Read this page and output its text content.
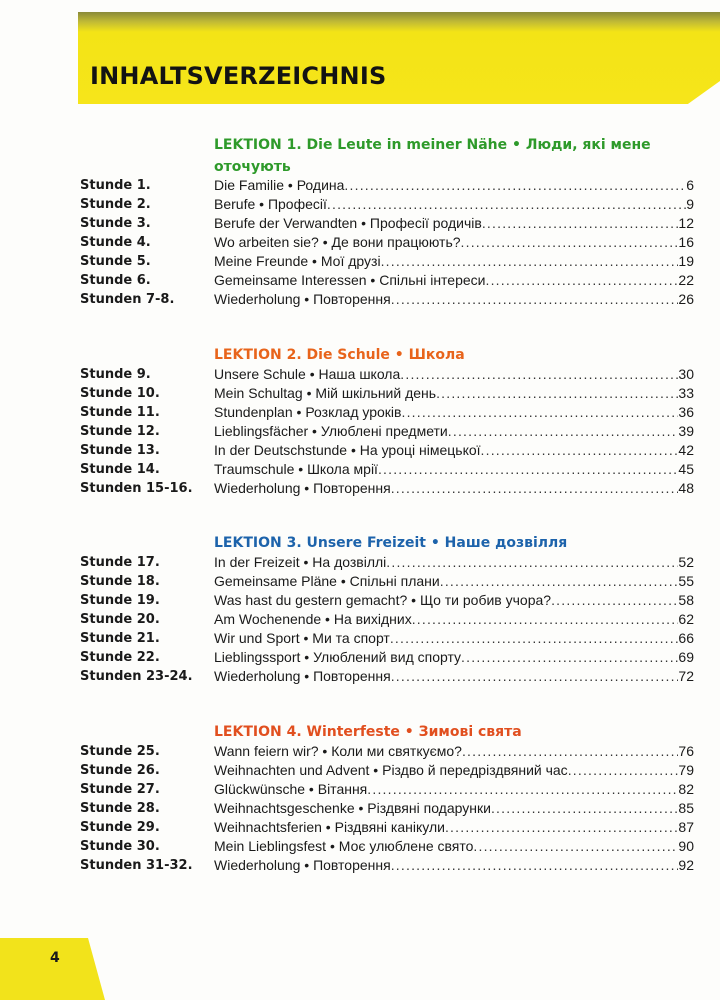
INHALTSVERZEICHNIS
LEKTION 1. Die Leute in meiner Nähe • Люди, які мене оточують
Stunde 1.	Die Familie • Родина .....	6
Stunde 2.	Berufe • Професії .....	9
Stunde 3.	Berufe der Verwandten • Професії родичів .....	12
Stunde 4.	Wo arbeiten sie? • Де вони працюють? .....	16
Stunde 5.	Meine Freunde • Мої друзі .....	19
Stunde 6.	Gemeinsame Interessen • Спільні інтереси .....	22
Stunden 7-8.	Wiederholung • Повторення .....	26
LEKTION 2. Die Schule • Школа
Stunde 9.	Unsere Schule • Наша школа .....	30
Stunde 10.	Mein Schultag • Мій шкільний день .....	33
Stunde 11.	Stundenplan • Розклад уроків .....	36
Stunde 12.	Lieblingsfächer • Улюблені предмети .....	39
Stunde 13.	In der Deutschstunde • На уроці німецької .....	42
Stunde 14.	Traumschule • Школа мрії .....	45
Stunden 15-16. Wiederholung • Повторення .....	48
LEKTION 3. Unsere Freizeit • Наше дозвілля
Stunde 17.	In der Freizeit • На дозвіллі .....	52
Stunde 18.	Gemeinsame Pläne • Спільні плани .....	55
Stunde 19.	Was hast du gestern gemacht? • Що ти робив учора? .....	58
Stunde 20.	Am Wochenende • На вихідних .....	62
Stunde 21.	Wir und Sport • Ми та спорт .....	66
Stunde 22.	Lieblingssport • Улюблений вид спорту .....	69
Stunden 23-24. Wiederholung • Повторення .....	72
LEKTION 4. Winterfeste • Зимові свята
Stunde 25.	Wann feiern wir? • Коли ми святкуємо? .....	76
Stunde 26.	Weihnachten und Advent • Різдво й передріздвяний час .....	79
Stunde 27.	Glückwünsche • Вітання .....	82
Stunde 28.	Weihnachtsgeschenke • Різдвяні подарунки .....	85
Stunde 29.	Weihnachtsferien • Різдвяні канікули .....	87
Stunde 30.	Mein Lieblingsfest • Моє улюблене свято .....	90
Stunden 31-32. Wiederholung • Повторення .....	92
4
